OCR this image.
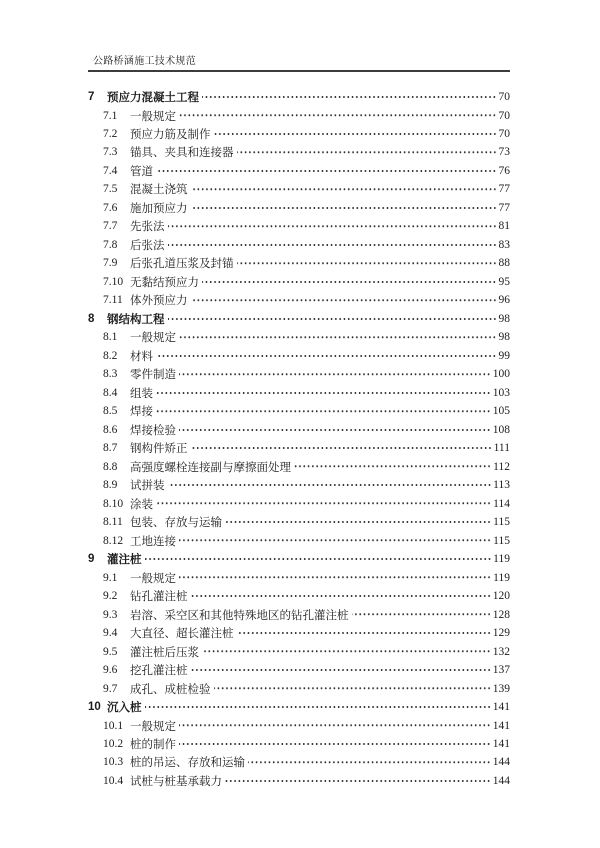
公路桥涵施工技术规范
7	预应力混凝土工程	70
7.1	一般规定	70
7.2	预应力筋及制作	70
7.3	锚具、夹具和连接器	73
7.4	管道	76
7.5	混凝土浇筑	77
7.6	施加预应力	77
7.7	先张法	81
7.8	后张法	83
7.9	后张孔道压浆及封锚	88
7.10 无黏结预应力	95
7.11 体外预应力	96
8	钢结构工程	98
8.1	一般规定	98
8.2	材料	99
8.3	零件制造	100
8.4	组装	103
8.5	焊接	105
8.6	焊接检验	108
8.7	钢构件矫正	111
8.8	高强度螺栓连接副与摩擦面处理	112
8.9	试拼装	113
8.10 涂装	114
8.11 包装、存放与运输	115
8.12 工地连接	115
9	灌注桩	119
9.1	一般规定	119
9.2	钻孔灌注桩	120
9.3	岩溶、采空区和其他特殊地区的钻孔灌注桩	128
9.4	大直径、超长灌注桩	129
9.5	灌注桩后压浆	132
9.6	挖孔灌注桩	137
9.7	成孔、成桩检验	139
10 沉入桩	141
10.1 一般规定	141
10.2 桩的制作	141
10.3 桩的吊运、存放和运输	144
10.4 试桩与桩基承载力	144
